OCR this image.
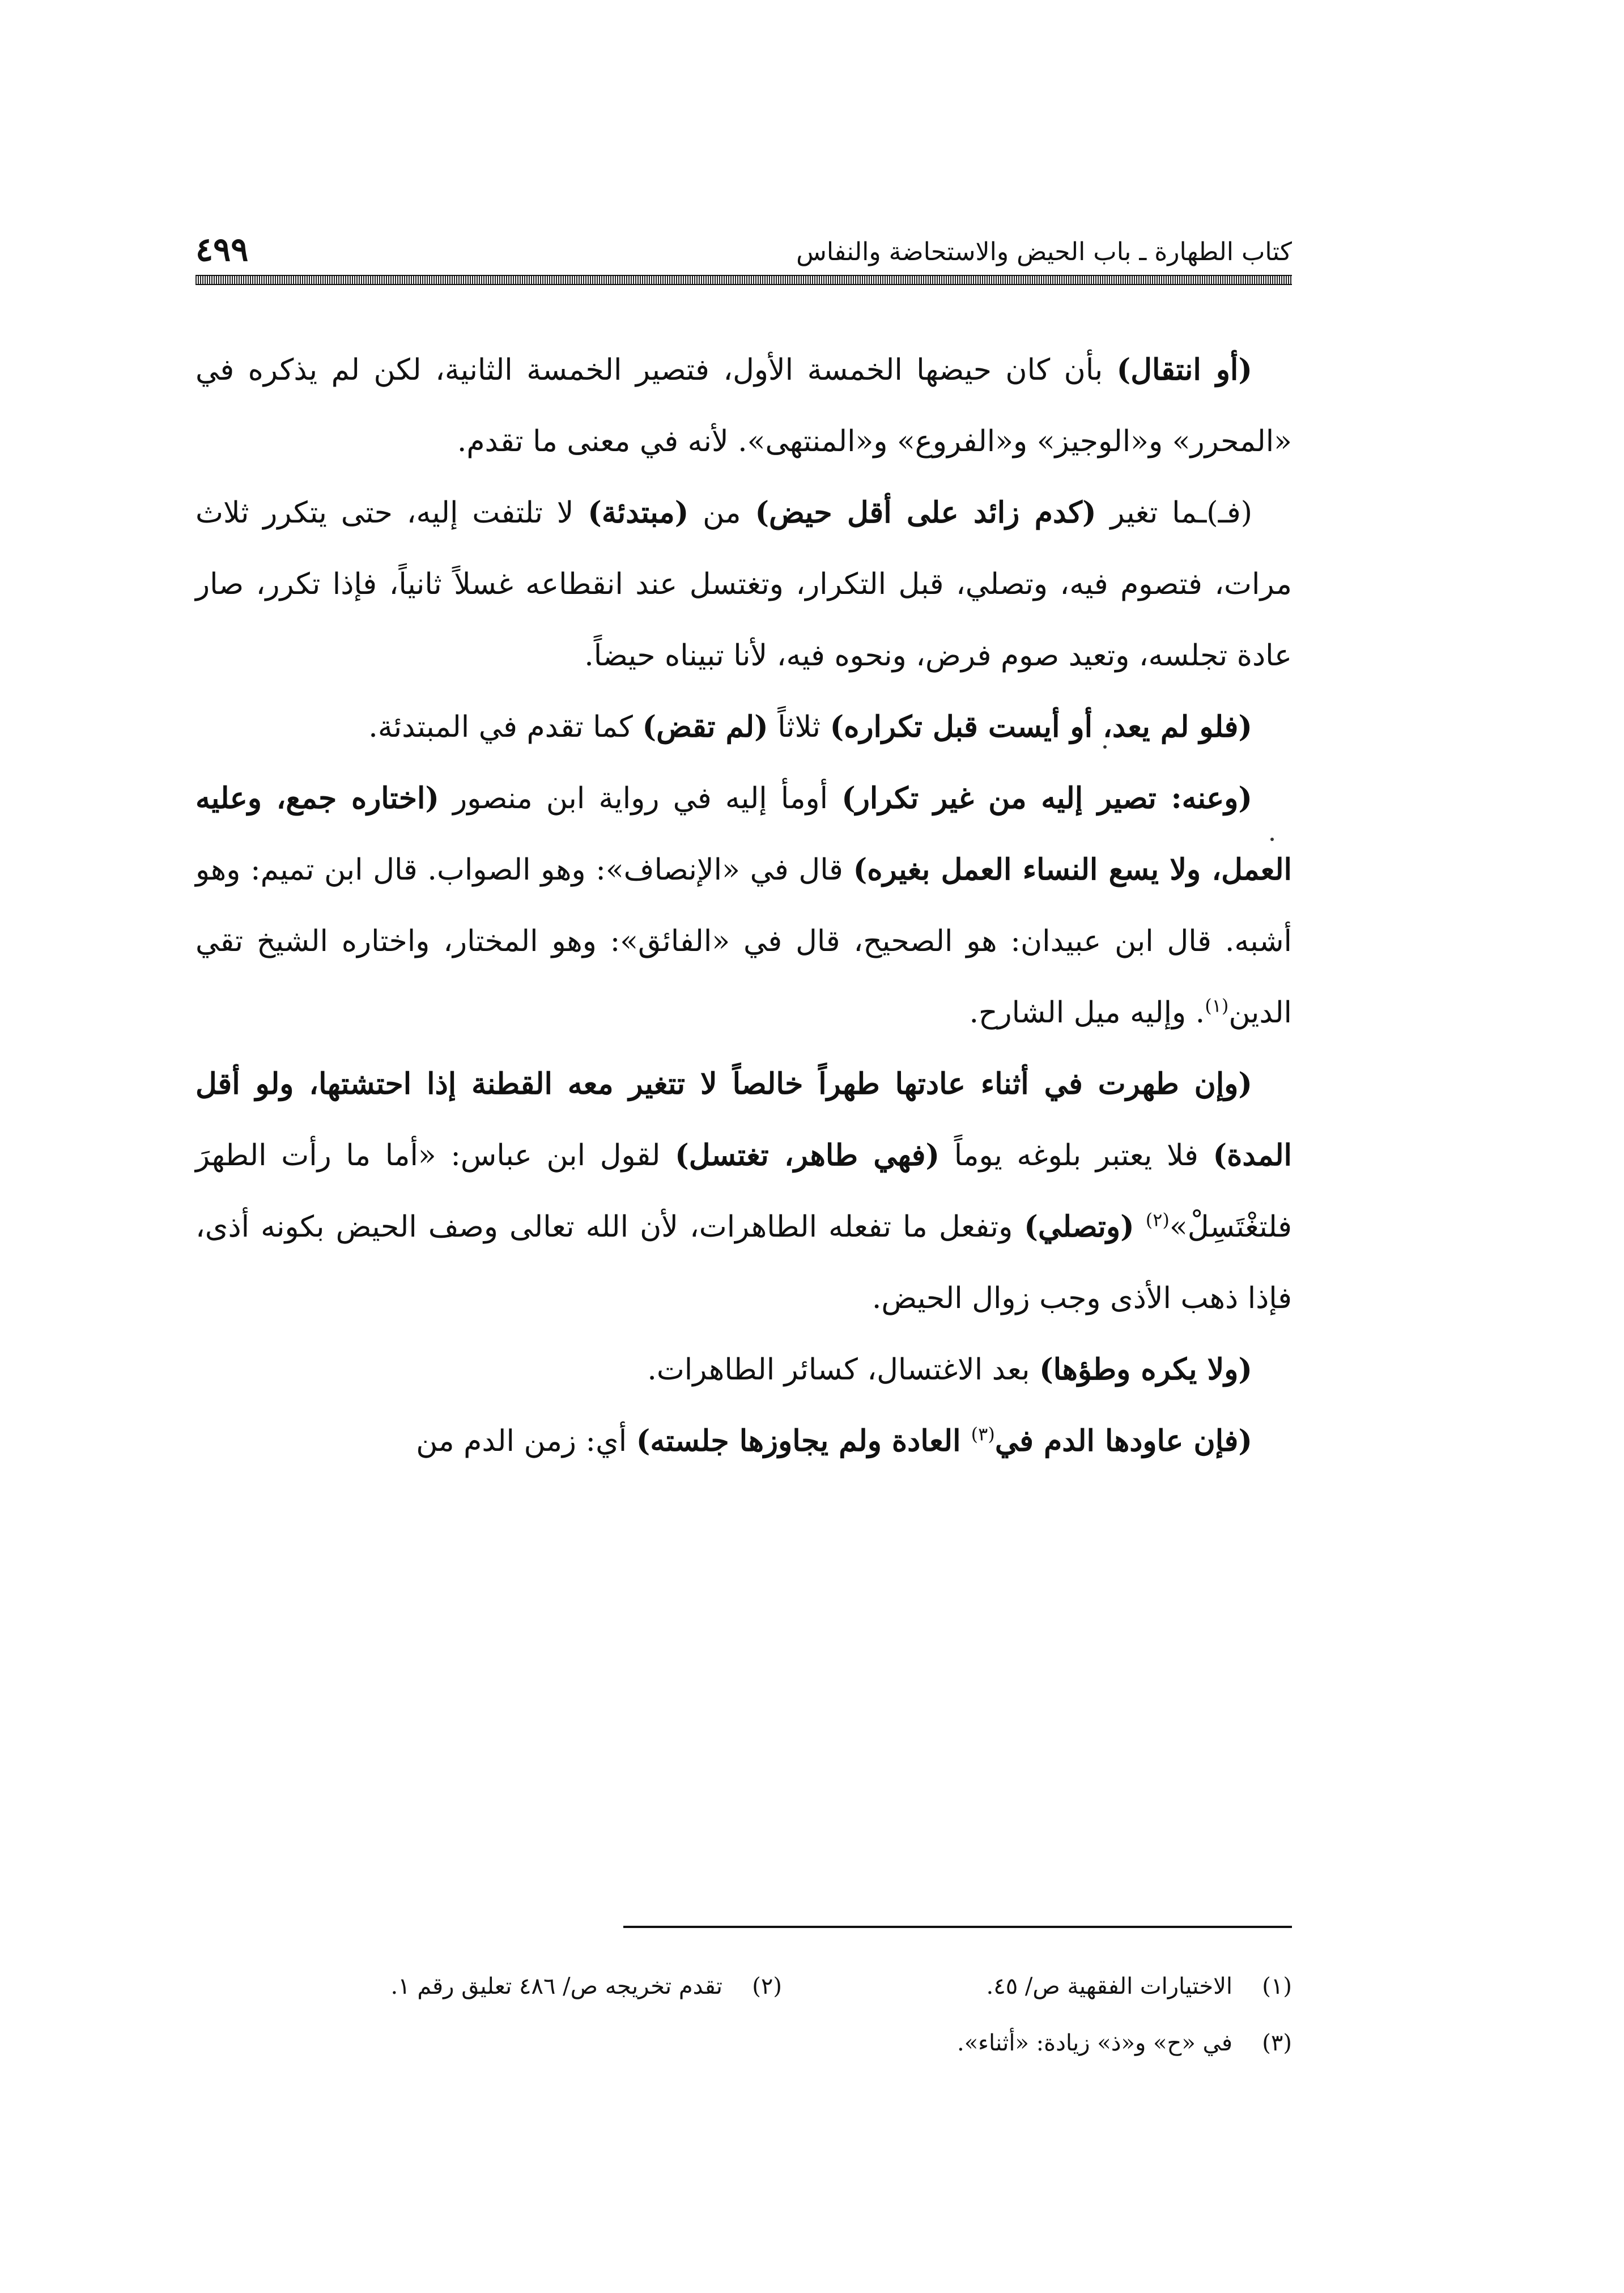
كتاب الطهارة ـ باب الحيض والاستحاضة والنفاس
٤٩٩

(أو انتقال) بأن كان حيضها الخمسة الأول، فتصير الخمسة الثانية، لكن لم يذكره في «المحرر» و«الوجيز» و«الفروع» و«المنتهى». لأنه في معنى ما تقدم.

(فـ)ـما تغير (كدم زائد على أقل حيض) من (مبتدئة) لا تلتفت إليه، حتى يتكرر ثلاث مرات، فتصوم فيه، وتصلي، قبل التكرار، وتغتسل عند انقطاعه غسلاً ثانياً، فإذا تكرر، صار عادة تجلسه، وتعيد صوم فرض، ونحوه فيه، لأنا تبيناه حيضاً.

(فلو لم يعد، أو أيست قبل تكراره) ثلاثاً (لم تقض) كما تقدم في المبتدئة.

(وعنه: تصير إليه من غير تكرار) أومأ إليه في رواية ابن منصور (اختاره جمع، وعليه العمل، ولا يسع النساء العمل بغيره) قال في «الإنصاف»: وهو الصواب. قال ابن تميم: وهو أشبه. قال ابن عبيدان: هو الصحيح، قال في «الفائق»: وهو المختار، واختاره الشيخ تقي الدين$^{(١)}$. وإليه ميل الشارح.

(وإن طهرت في أثناء عادتها طهراً خالصاً لا تتغير معه القطنة إذا احتشتها، ولو أقل المدة) فلا يعتبر بلوغه يوماً (فهي طاهر، تغتسل) لقول ابن عباس: «أما ما رأت الطهرَ فلتغْتَسِلْ»$^{(٢)}$ (وتصلي) وتفعل ما تفعله الطاهرات، لأن الله تعالى وصف الحيض بكونه أذى، فإذا ذهب الأذى وجب زوال الحيض.

(ولا يكره وطؤها) بعد الاغتسال، كسائر الطاهرات.

(فإن عاودها الدم في$^{(٣)}$ العادة ولم يجاوزها جلسته) أي: زمن الدم من

(١)
الاختيارات الفقهية ص/ ٤٥.
(٢)
تقدم تخريجه ص/ ٤٨٦ تعليق رقم ١.
(٣)
في «ح» و«ذ» زيادة: «أثناء».
